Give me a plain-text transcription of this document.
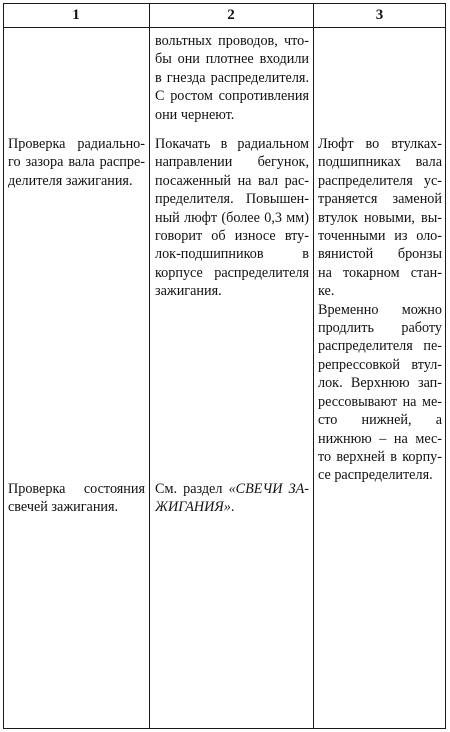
1	2	3
вольтных проводов, что-
бы они плотнее входили
в гнезда распределителя.
С ростом сопротивления
они чернеют.
Проверка радиально-
го зазора вала распре-
делителя зажигания.
Покачать в радиальном
направлении бегунок,
посаженный на вал рас-
пределителя. Повышен-
ный люфт (более 0,3 мм)
говорит об износе вту-
лок-подшипников в
корпусе распределителя
зажигания.
Люфт во втулках-
подшипниках вала
распределителя ус-
траняется заменой
втулок новыми, вы-
точенными из оло-
вянистой бронзы
на токарном стан-
ке.
Временно можно
продлить работу
распределителя пе-
репрессовкой втул-
лок. Верхнюю зап-
рессовывают на ме-
сто нижней, а
нижнюю – на мес-
то верхней в корпу-
се распределителя.
Проверка состояния
свечей зажигания.
См. раздел «СВЕЧИ ЗА-
ЖИГАНИЯ».
